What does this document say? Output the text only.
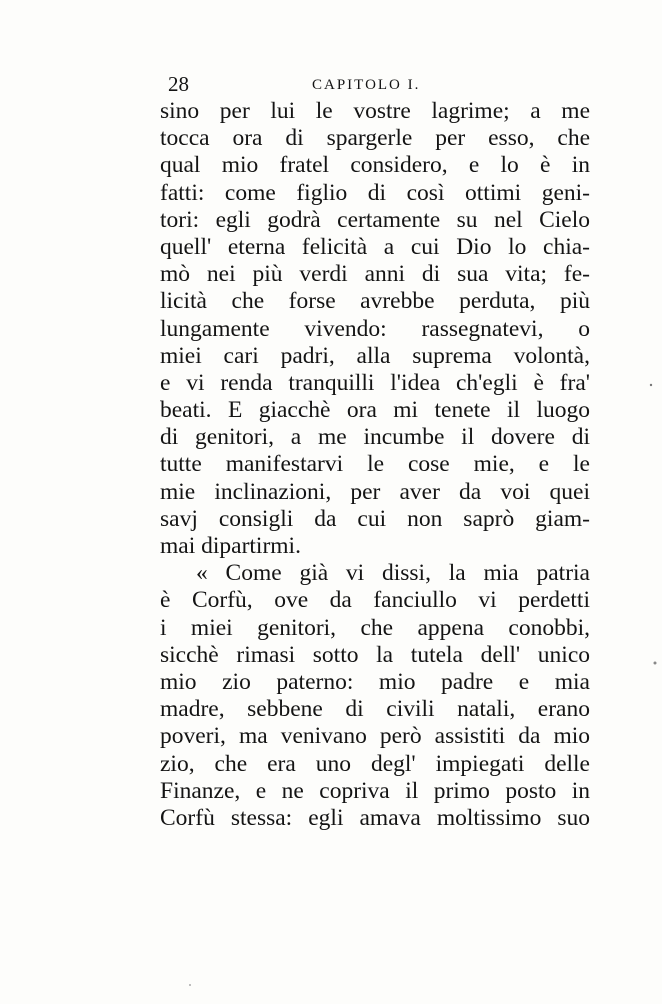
28	CAPITOLO I.
sino per lui le vostre lagrime; a me
tocca ora di spargerle per esso, che
qual mio fratel considero, e lo è in
fatti: come figlio di così ottimi geni-
tori: egli godrà certamente su nel Cielo
quell' eterna felicità a cui Dio lo chia-
mò nei più verdi anni di sua vita; fe-
licità che forse avrebbe perduta, più
lungamente vivendo: rassegnatevi, o
miei cari padri, alla suprema volontà,
e vi renda tranquilli l'idea ch'egli è fra'
beati. E giacchè ora mi tenete il luogo
di genitori, a me incumbe il dovere di
tutte manifestarvi le cose mie, e le
mie inclinazioni, per aver da voi quei
savj consigli da cui non saprò giam-
mai dipartirmi.
« Come già vi dissi, la mia patria
è Corfù, ove da fanciullo vi perdetti
i miei genitori, che appena conobbi,
sicchè rimasi sotto la tutela dell' unico
mio zio paterno: mio padre e mia
madre, sebbene di civili natali, erano
poveri, ma venivano però assistiti da mio
zio, che era uno degl' impiegati delle
Finanze, e ne copriva il primo posto in
Corfù stessa: egli amava moltissimo suo
